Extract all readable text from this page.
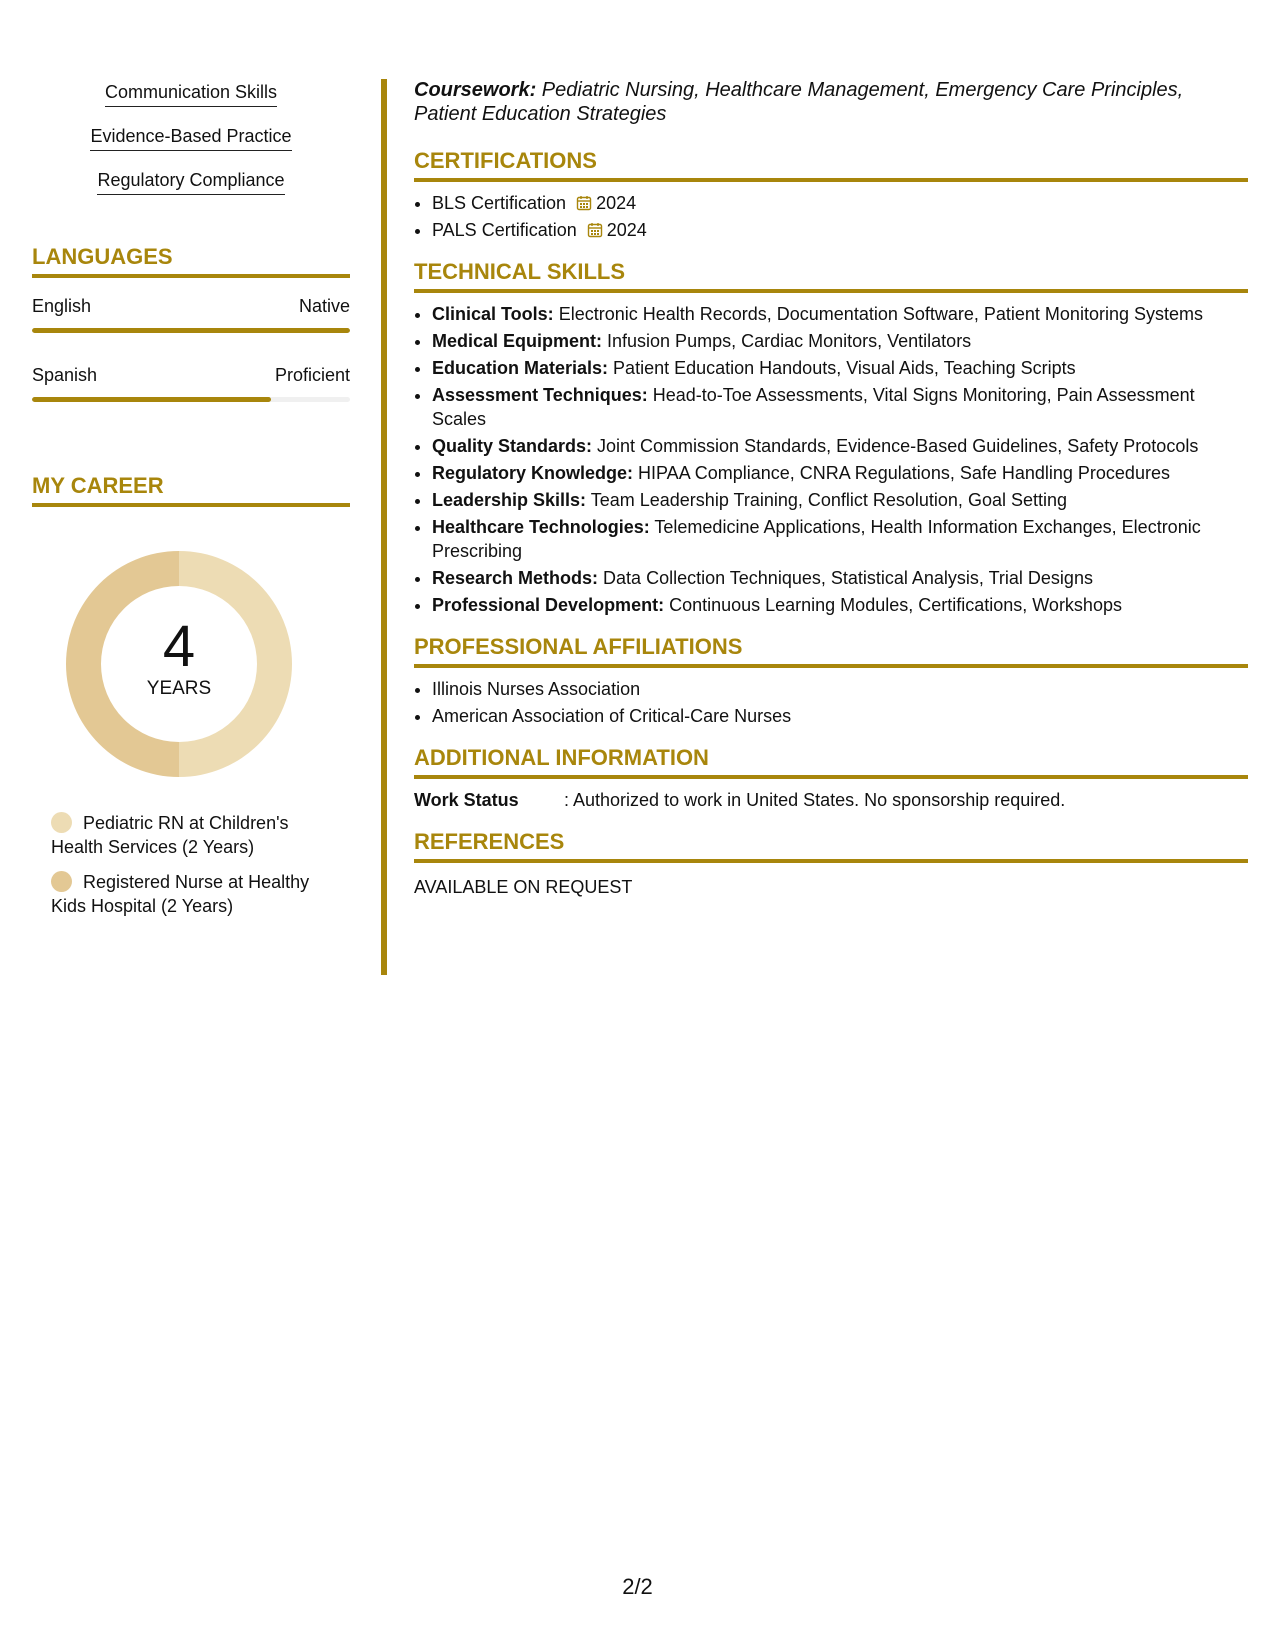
Communication Skills
Evidence-Based Practice
Regulatory Compliance
LANGUAGES
English	Native
Spanish	Proficient
MY CAREER
4
YEARS
Pediatric RN at Children's Health Services (2 Years)
Registered Nurse at Healthy Kids Hospital (2 Years)
Coursework: Pediatric Nursing, Healthcare Management, Emergency Care Principles, Patient Education Strategies
CERTIFICATIONS
• BLS Certification 2024
• PALS Certification 2024
TECHNICAL SKILLS
• Clinical Tools: Electronic Health Records, Documentation Software, Patient Monitoring Systems
• Medical Equipment: Infusion Pumps, Cardiac Monitors, Ventilators
• Education Materials: Patient Education Handouts, Visual Aids, Teaching Scripts
• Assessment Techniques: Head-to-Toe Assessments, Vital Signs Monitoring, Pain Assessment Scales
• Quality Standards: Joint Commission Standards, Evidence-Based Guidelines, Safety Protocols
• Regulatory Knowledge: HIPAA Compliance, CNRA Regulations, Safe Handling Procedures
• Leadership Skills: Team Leadership Training, Conflict Resolution, Goal Setting
• Healthcare Technologies: Telemedicine Applications, Health Information Exchanges, Electronic Prescribing
• Research Methods: Data Collection Techniques, Statistical Analysis, Trial Designs
• Professional Development: Continuous Learning Modules, Certifications, Workshops
PROFESSIONAL AFFILIATIONS
• Illinois Nurses Association
• American Association of Critical-Care Nurses
ADDITIONAL INFORMATION
Work Status	: Authorized to work in United States. No sponsorship required.
REFERENCES
AVAILABLE ON REQUEST
2/2
